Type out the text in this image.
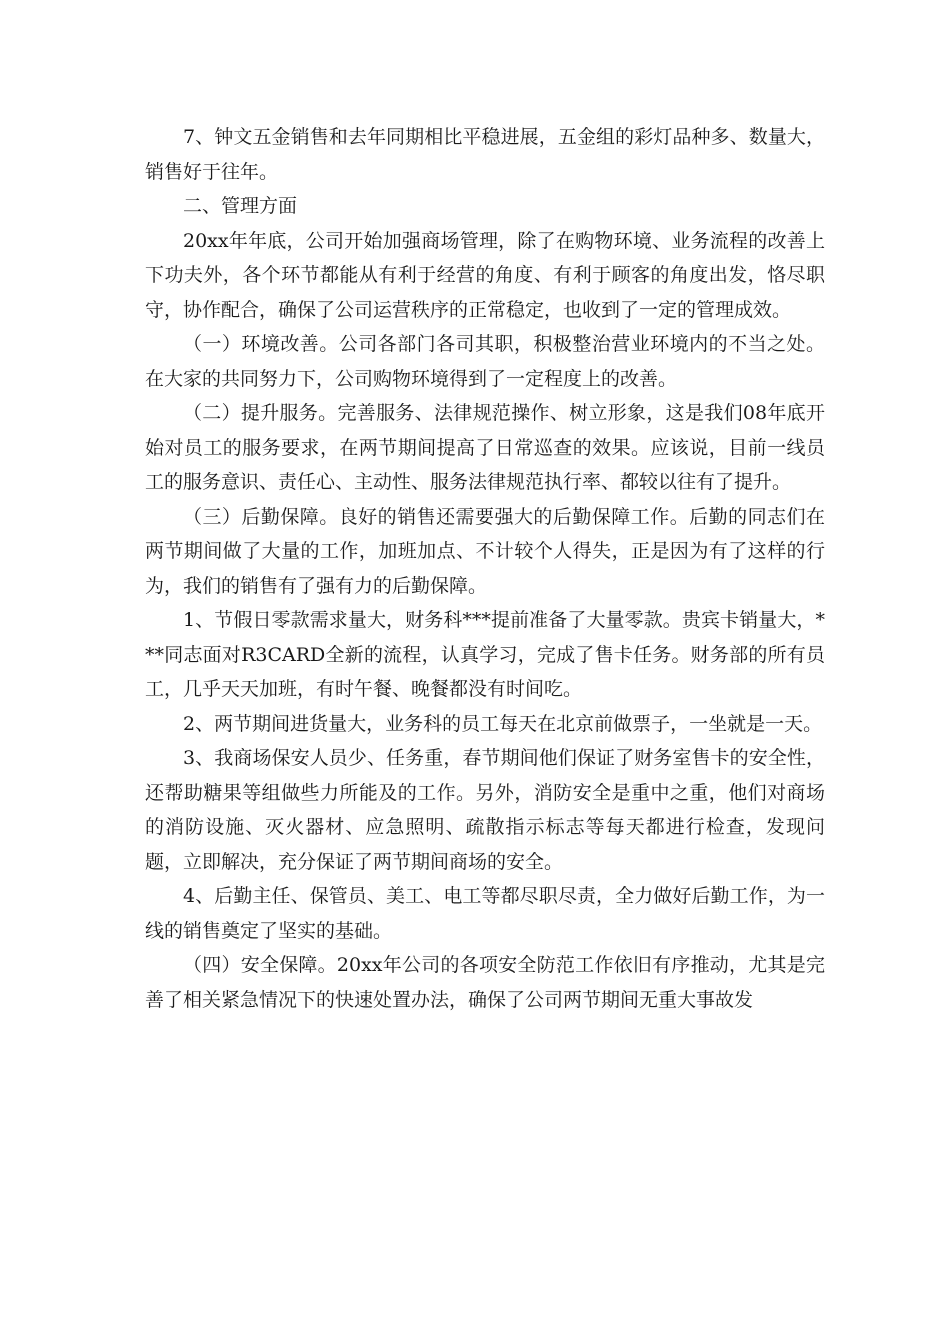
7、钟文五金销售和去年同期相比平稳进展，五金组的彩灯品种多、数量大，销售好于往年。

二、管理方面

20xx年年底，公司开始加强商场管理，除了在购物环境、业务流程的改善上下功夫外，各个环节都能从有利于经营的角度、有利于顾客的角度出发，恪尽职守，协作配合，确保了公司运营秩序的正常稳定，也收到了一定的管理成效。

（一）环境改善。公司各部门各司其职，积极整治营业环境内的不当之处。在大家的共同努力下，公司购物环境得到了一定程度上的改善。

（二）提升服务。完善服务、法律规范操作、树立形象，这是我们08年底开始对员工的服务要求，在两节期间提高了日常巡查的效果。应该说，目前一线员工的服务意识、责任心、主动性、服务法律规范执行率、都较以往有了提升。

（三）后勤保障。良好的销售还需要强大的后勤保障工作。后勤的同志们在两节期间做了大量的工作，加班加点、不计较个人得失，正是因为有了这样的行为，我们的销售有了强有力的后勤保障。

1、节假日零款需求量大，财务科***提前准备了大量零款。贵宾卡销量大，***同志面对R3CARD全新的流程，认真学习，完成了售卡任务。财务部的所有员工，几乎天天加班，有时午餐、晚餐都没有时间吃。

2、两节期间进货量大，业务科的员工每天在北京前做票子，一坐就是一天。

3、我商场保安人员少、任务重，春节期间他们保证了财务室售卡的安全性，还帮助糖果等组做些力所能及的工作。另外，消防安全是重中之重，他们对商场的消防设施、灭火器材、应急照明、疏散指示标志等每天都进行检查，发现问题，立即解决，充分保证了两节期间商场的安全。

4、后勤主任、保管员、美工、电工等都尽职尽责，全力做好后勤工作，为一线的销售奠定了坚实的基础。

（四）安全保障。20xx年公司的各项安全防范工作依旧有序推动，尤其是完善了相关紧急情况下的快速处置办法，确保了公司两节期间无重大事故发
